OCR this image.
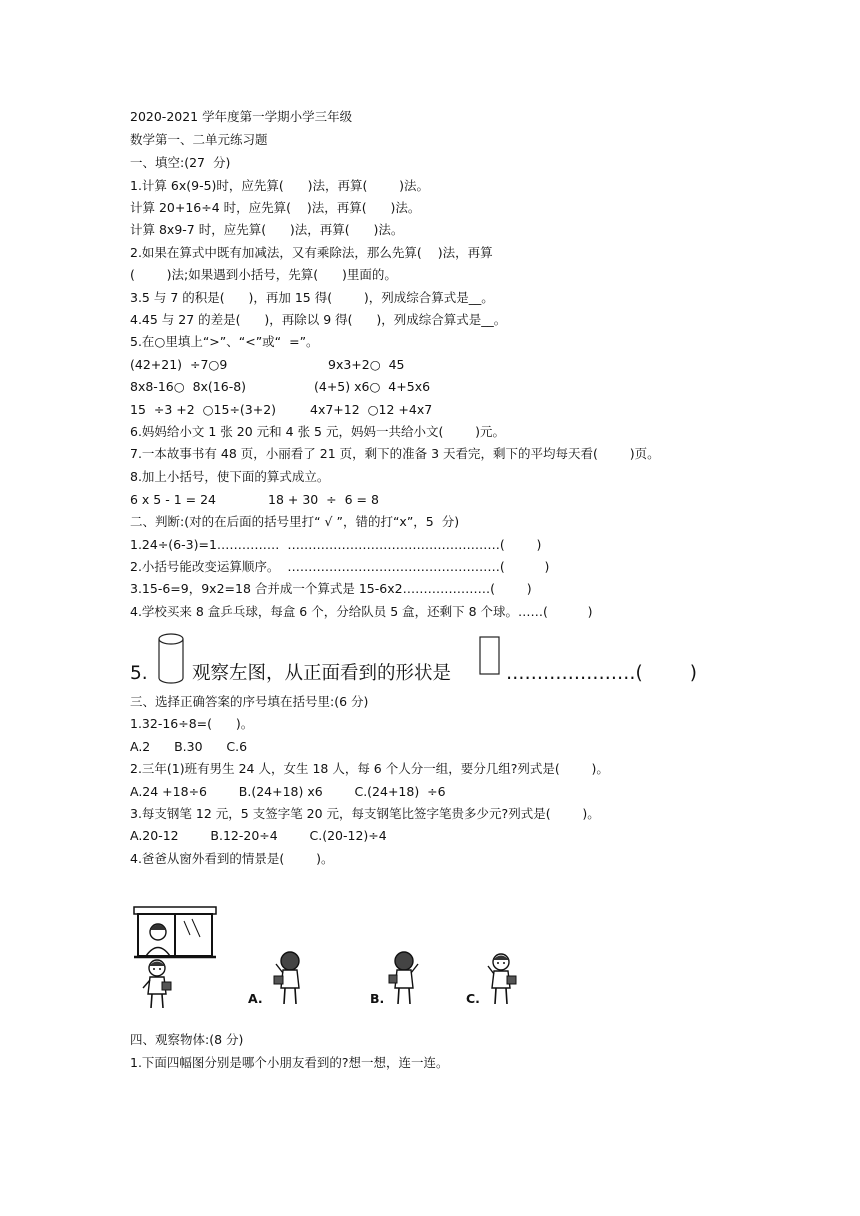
2020-2021 学年度第一学期小学三年级
数学第一、二单元练习题
一、填空:(27  分)
1.计算 6x(9-5)时，应先算(      )法，再算(        )法。
计算 20+16÷4 时，应先算(    )法，再算(      )法。
计算 8x9-7 时，应先算(      )法，再算(      )法。
2.如果在算式中既有加减法，又有乘除法，那么先算(    )法，再算
(        )法;如果遇到小括号，先算(      )里面的。
3.5 与 7 的积是(      )，再加 15 得(        )，列成综合算式是__。
4.45 与 27 的差是(      )，再除以 9 得(      )，列成综合算式是__。
5.在○里填上“>”、“<”或“  =”。
(42+21)  ÷7○9	9x3+2○  45
8x8-16○  8x(16-8)	(4+5) x6○  4+5x6
15  ÷3 +2  ○15÷(3+2)	4x7+12  ○12 +4x7
6.妈妈给小文 1 张 20 元和 4 张 5 元，妈妈一共给小文(        )元。
7.一本故事书有 48 页，小丽看了 21 页，剩下的准备 3 天看完，剩下的平均每天看(        )页。
8.加上小括号，使下面的算式成立。
6 x 5 - 1 = 24	18 + 30  ÷  6 = 8
二、判断:(对的在后面的括号里打“ √ ”，错的打“x”，5  分)
1.24÷(6-3)=1……………  ……………………………………………(        )
2.小括号能改变运算顺序。  ……………………………………………(          )
3.15-6=9，9x2=18 合并成一个算式是 15-6x2…………………(        )
4.学校买来 8 盒乒乓球，每盒 6 个，分给队员 5 盒，还剩下 8 个球。……(          )
5. 观察左图，从正面看到的形状是	…………………(        )
三、选择正确答案的序号填在括号里:(6 分)
1.32-16÷8=(      )。
A.2      B.30      C.6
2.三年(1)班有男生 24 人，女生 18 人，每 6 个人分一组，要分几组?列式是(        )。
A.24 +18÷6        B.(24+18) x6        C.(24+18)  ÷6
3.每支钢笔 12 元，5 支签字笔 20 元，每支钢笔比签字笔贵多少元?列式是(        )。
A.20-12        B.12-20÷4        C.(20-12)÷4
4.爸爸从窗外看到的情景是(        )。
A.	B.	C.
四、观察物体:(8 分)
1.下面四幅图分别是哪个小朋友看到的?想一想，连一连。
